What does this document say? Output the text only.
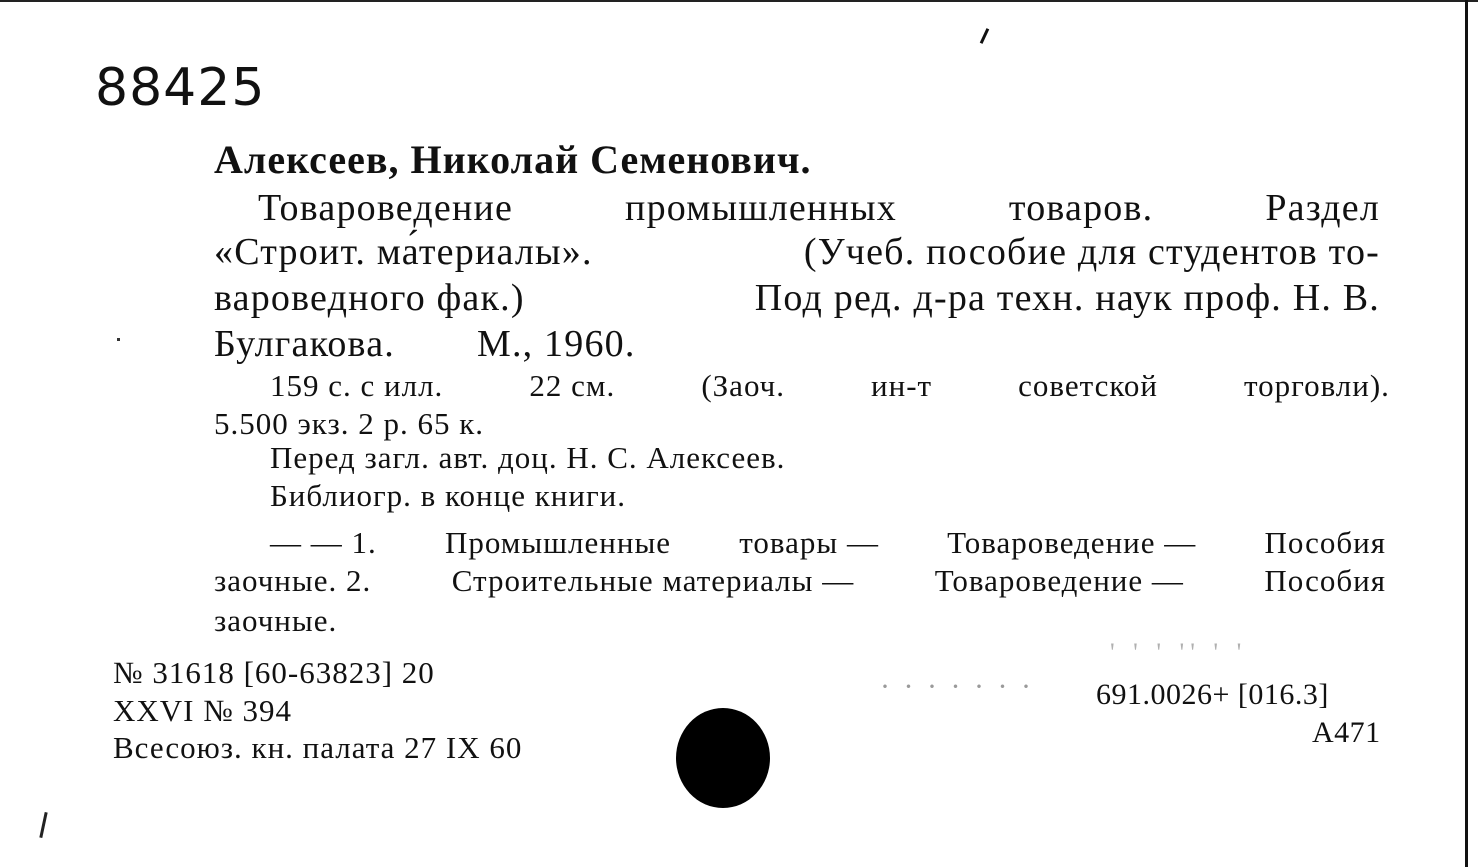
88425

Алексеев, Николай Семенович.

Товароведение	промышленных	товаров.	Раздел

«Строит. ма́териалы».	(Учеб. пособие для студентов то-

вароведного фак.)	Под ред. д-ра техн. наук проф. Н. В.

Булгакова. М., 1960.

159 с. с илл.	22 см.	(Заоч.	ин-т	советской	торговли).

5.500 экз. 2 р. 65 к.

Перед загл. авт. доц. Н. С. Алексеев.

Библиогр. в конце книги.

— — 1. Промышленные товары — Товароведение — Пособия

заочные. 2.	Строительные материалы —	Товароведение —	Пособия

заочные.

№ 31618 [60-63823] 20

XXVI № 394

Всесоюз. кн. палата 27 IX 60

' ' ' '' ' '
· · · · · · · 691.0026+ [016.3]

А471
